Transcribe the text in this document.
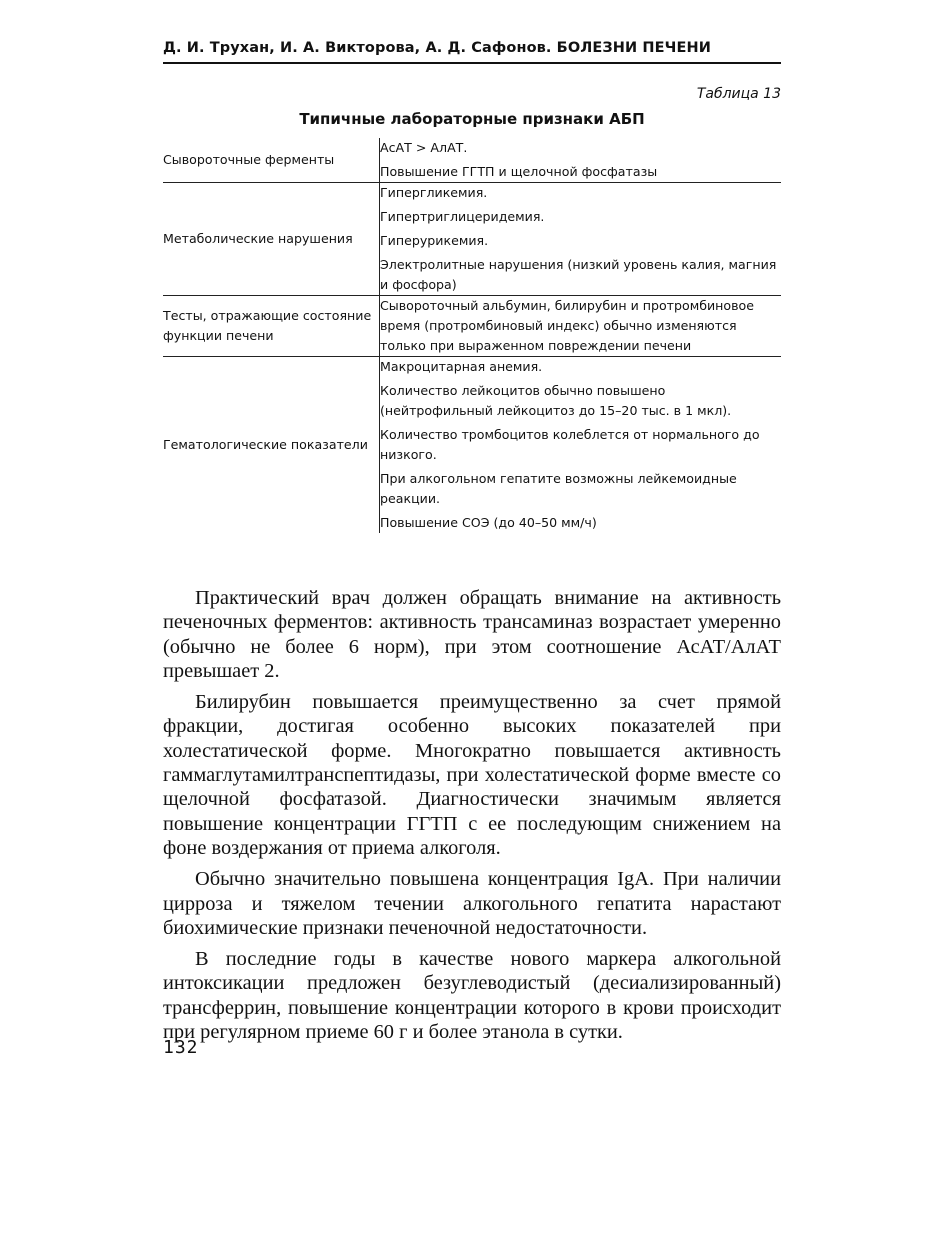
Д. И. Трухан, И. А. Викторова, А. Д. Сафонов. БОЛЕЗНИ ПЕЧЕНИ
Таблица 13
Типичные лабораторные признаки АБП
Сывороточные ферменты	АсАТ > АлАТ.
Повышение ГГТП и щелочной фосфатазы

Метаболические нарушения	Гипергликемия.
Гипертриглицеридемия.
Гиперурикемия.
Электролитные нарушения (низкий уровень калия, магния и фосфора)

Тесты, отражающие состояние функции печени	Сывороточный альбумин, билирубин и протромбиновое время (протромбиновый индекс) обычно изменяются только при выраженном повреждении печени

Гематологические показатели	Макроцитарная анемия.
Количество лейкоцитов обычно повышено (нейтрофильный лейкоцитоз до 15–20 тыс. в 1 мкл).
Количество тромбоцитов колеблется от нормального до низкого.
При алкогольном гепатите возможны лейкемоидные реакции.
Повышение СОЭ (до 40–50 мм/ч)

Практический врач должен обращать внимание на активность печеночных ферментов: активность трансаминаз возрастает умеренно (обычно не более 6 норм), при этом соотношение АсАТ/АлАТ превышает 2.

Билирубин повышается преимущественно за счет прямой фракции, достигая особенно высоких показателей при холестатической форме. Многократно повышается активность гаммаглутамилтранспептидазы, при холестатической форме вместе со щелочной фосфатазой. Диагностически значимым является повышение концентрации ГГТП с ее последующим снижением на фоне воздержания от приема алкоголя.

Обычно значительно повышена концентрация IgA. При наличии цирроза и тяжелом течении алкогольного гепатита нарастают биохимические признаки печеночной недостаточности.

В последние годы в качестве нового маркера алкогольной интоксикации предложен безуглеводистый (десиализированный) трансферрин, повышение концентрации которого в крови происходит при регулярном приеме 60 г и более этанола в сутки.

132
